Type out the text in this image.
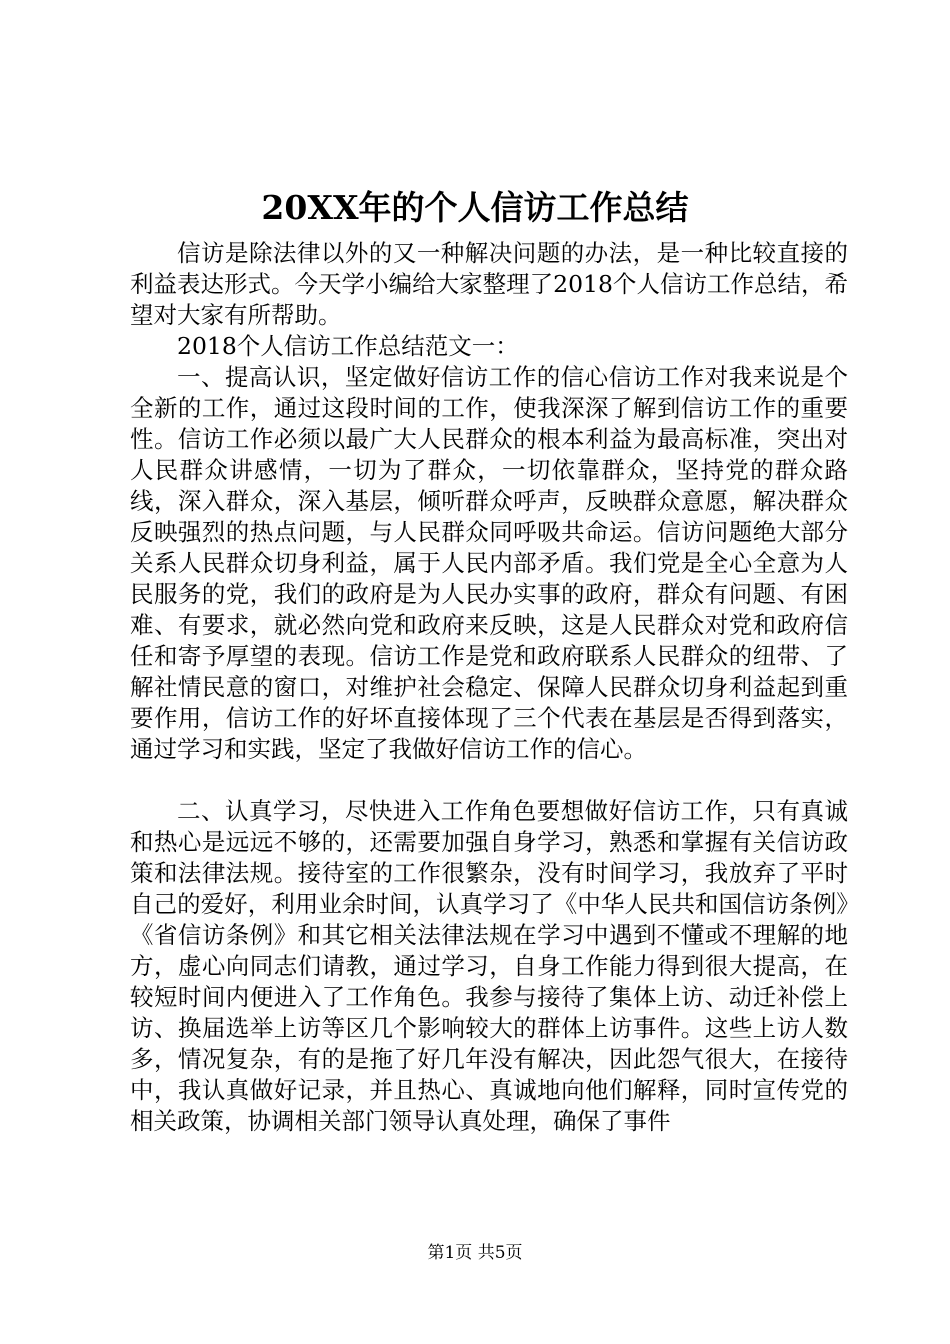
20XX年的个人信访工作总结

信访是除法律以外的又一种解决问题的办法，是一种比较直接的利益表达形式。今天学小编给大家整理了2018个人信访工作总结，希望对大家有所帮助。

2018个人信访工作总结范文一：

一、提高认识，坚定做好信访工作的信心信访工作对我来说是个全新的工作，通过这段时间的工作，使我深深了解到信访工作的重要性。信访工作必须以最广大人民群众的根本利益为最高标准，突出对人民群众讲感情，一切为了群众，一切依靠群众，坚持党的群众路线，深入群众，深入基层，倾听群众呼声，反映群众意愿，解决群众反映强烈的热点问题，与人民群众同呼吸共命运。信访问题绝大部分关系人民群众切身利益，属于人民内部矛盾。我们党是全心全意为人民服务的党，我们的政府是为人民办实事的政府，群众有问题、有困难、有要求，就必然向党和政府来反映，这是人民群众对党和政府信任和寄予厚望的表现。信访工作是党和政府联系人民群众的纽带、了解社情民意的窗口，对维护社会稳定、保障人民群众切身利益起到重要作用，信访工作的好坏直接体现了三个代表在基层是否得到落实，通过学习和实践，坚定了我做好信访工作的信心。

二、认真学习，尽快进入工作角色要想做好信访工作，只有真诚和热心是远远不够的，还需要加强自身学习，熟悉和掌握有关信访政策和法律法规。接待室的工作很繁杂，没有时间学习，我放弃了平时自己的爱好，利用业余时间，认真学习了《中华人民共和国信访条例》《省信访条例》和其它相关法律法规在学习中遇到不懂或不理解的地方，虚心向同志们请教，通过学习，自身工作能力得到很大提高，在较短时间内便进入了工作角色。我参与接待了集体上访、动迁补偿上访、换届选举上访等区几个影响较大的群体上访事件。这些上访人数多，情况复杂，有的是拖了好几年没有解决，因此怨气很大，在接待中，我认真做好记录，并且热心、真诚地向他们解释，同时宣传党的相关政策，协调相关部门领导认真处理，确保了事件

第1页 共5页
